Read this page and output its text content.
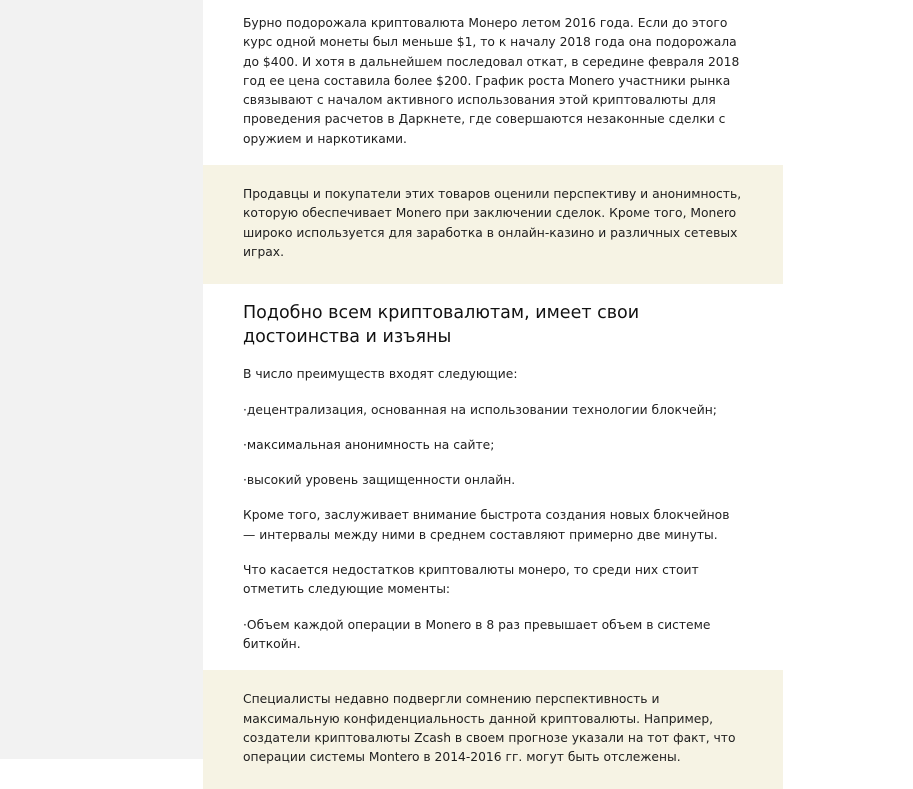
Бурно подорожала криптовалюта Монеро летом 2016 года. Если до этого курс одной монеты был меньше $1, то к началу 2018 года она подорожала до $400. И хотя в дальнейшем последовал откат, в середине февраля 2018 год ее цена составила более $200. График роста Monero участники рынка связывают с началом активного использования этой криптовалюты для проведения расчетов в Даркнете, где совершаются незаконные сделки с оружием и наркотиками.

Продавцы и покупатели этих товаров оценили перспективу и анонимность, которую обеспечивает Monero при заключении сделок. Кроме того, Monero широко используется для заработка в онлайн-казино и различных сетевых играх.

Подобно всем криптовалютам, имеет свои достоинства и изъяны

В число преимуществ входят следующие:

·децентрализация, основанная на использовании технологии блокчейн;

·максимальная анонимность на сайте;

·высокий уровень защищенности онлайн.

Кроме того, заслуживает внимание быстрота создания новых блокчейнов — интервалы между ними в среднем составляют примерно две минуты.

Что касается недостатков криптовалюты монеро, то среди них стоит отметить следующие моменты:

·Объем каждой операции в Monero в 8 раз превышает объем в системе биткойн.

Специалисты недавно подвергли сомнению перспективность и максимальную конфиденциальность данной криптовалюты. Например, создатели криптовалюты Zcash в своем прогнозе указали на тот факт, что операции системы Montero в 2014-2016 гг. могут быть отслежены.
